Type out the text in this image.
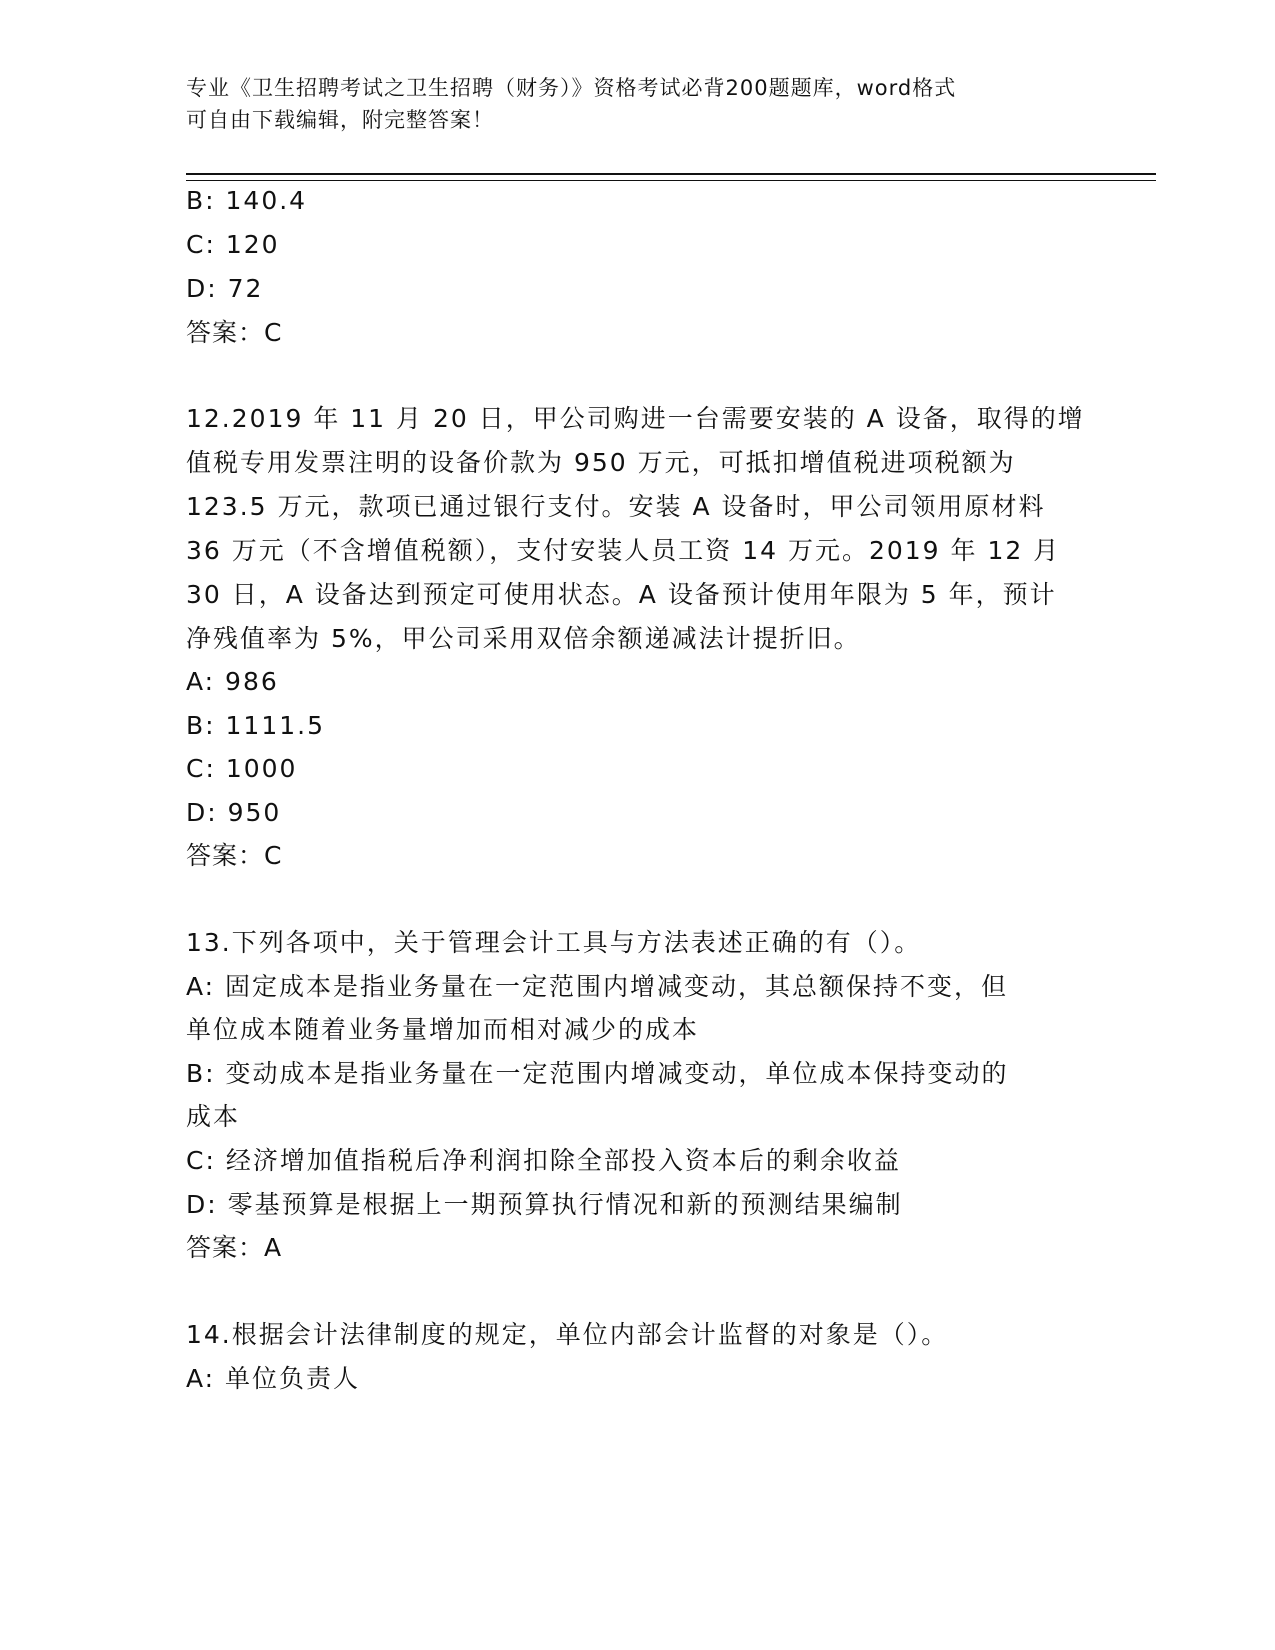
专业《卫生招聘考试之卫生招聘（财务）》资格考试必背200题题库，word格式
可自由下载编辑，附完整答案！
B: 140.4
C: 120
D: 72
答案：C
12.2019 年 11 月 20 日，甲公司购进一台需要安装的 A 设备，取得的增
值税专用发票注明的设备价款为 950 万元，可抵扣增值税进项税额为
123.5 万元，款项已通过银行支付。安装 A 设备时，甲公司领用原材料
36 万元（不含增值税额），支付安装人员工资 14 万元。2019 年 12 月
30 日，A 设备达到预定可使用状态。A 设备预计使用年限为 5 年，预计
净残值率为 5%，甲公司采用双倍余额递减法计提折旧。
A: 986
B: 1111.5
C: 1000
D: 950
答案：C
13.下列各项中，关于管理会计工具与方法表述正确的有（）。
A: 固定成本是指业务量在一定范围内增减变动，其总额保持不变，但
单位成本随着业务量增加而相对减少的成本
B: 变动成本是指业务量在一定范围内增减变动，单位成本保持变动的
成本
C: 经济增加值指税后净利润扣除全部投入资本后的剩余收益
D: 零基预算是根据上一期预算执行情况和新的预测结果编制
答案：A
14.根据会计法律制度的规定，单位内部会计监督的对象是（）。
A: 单位负责人
